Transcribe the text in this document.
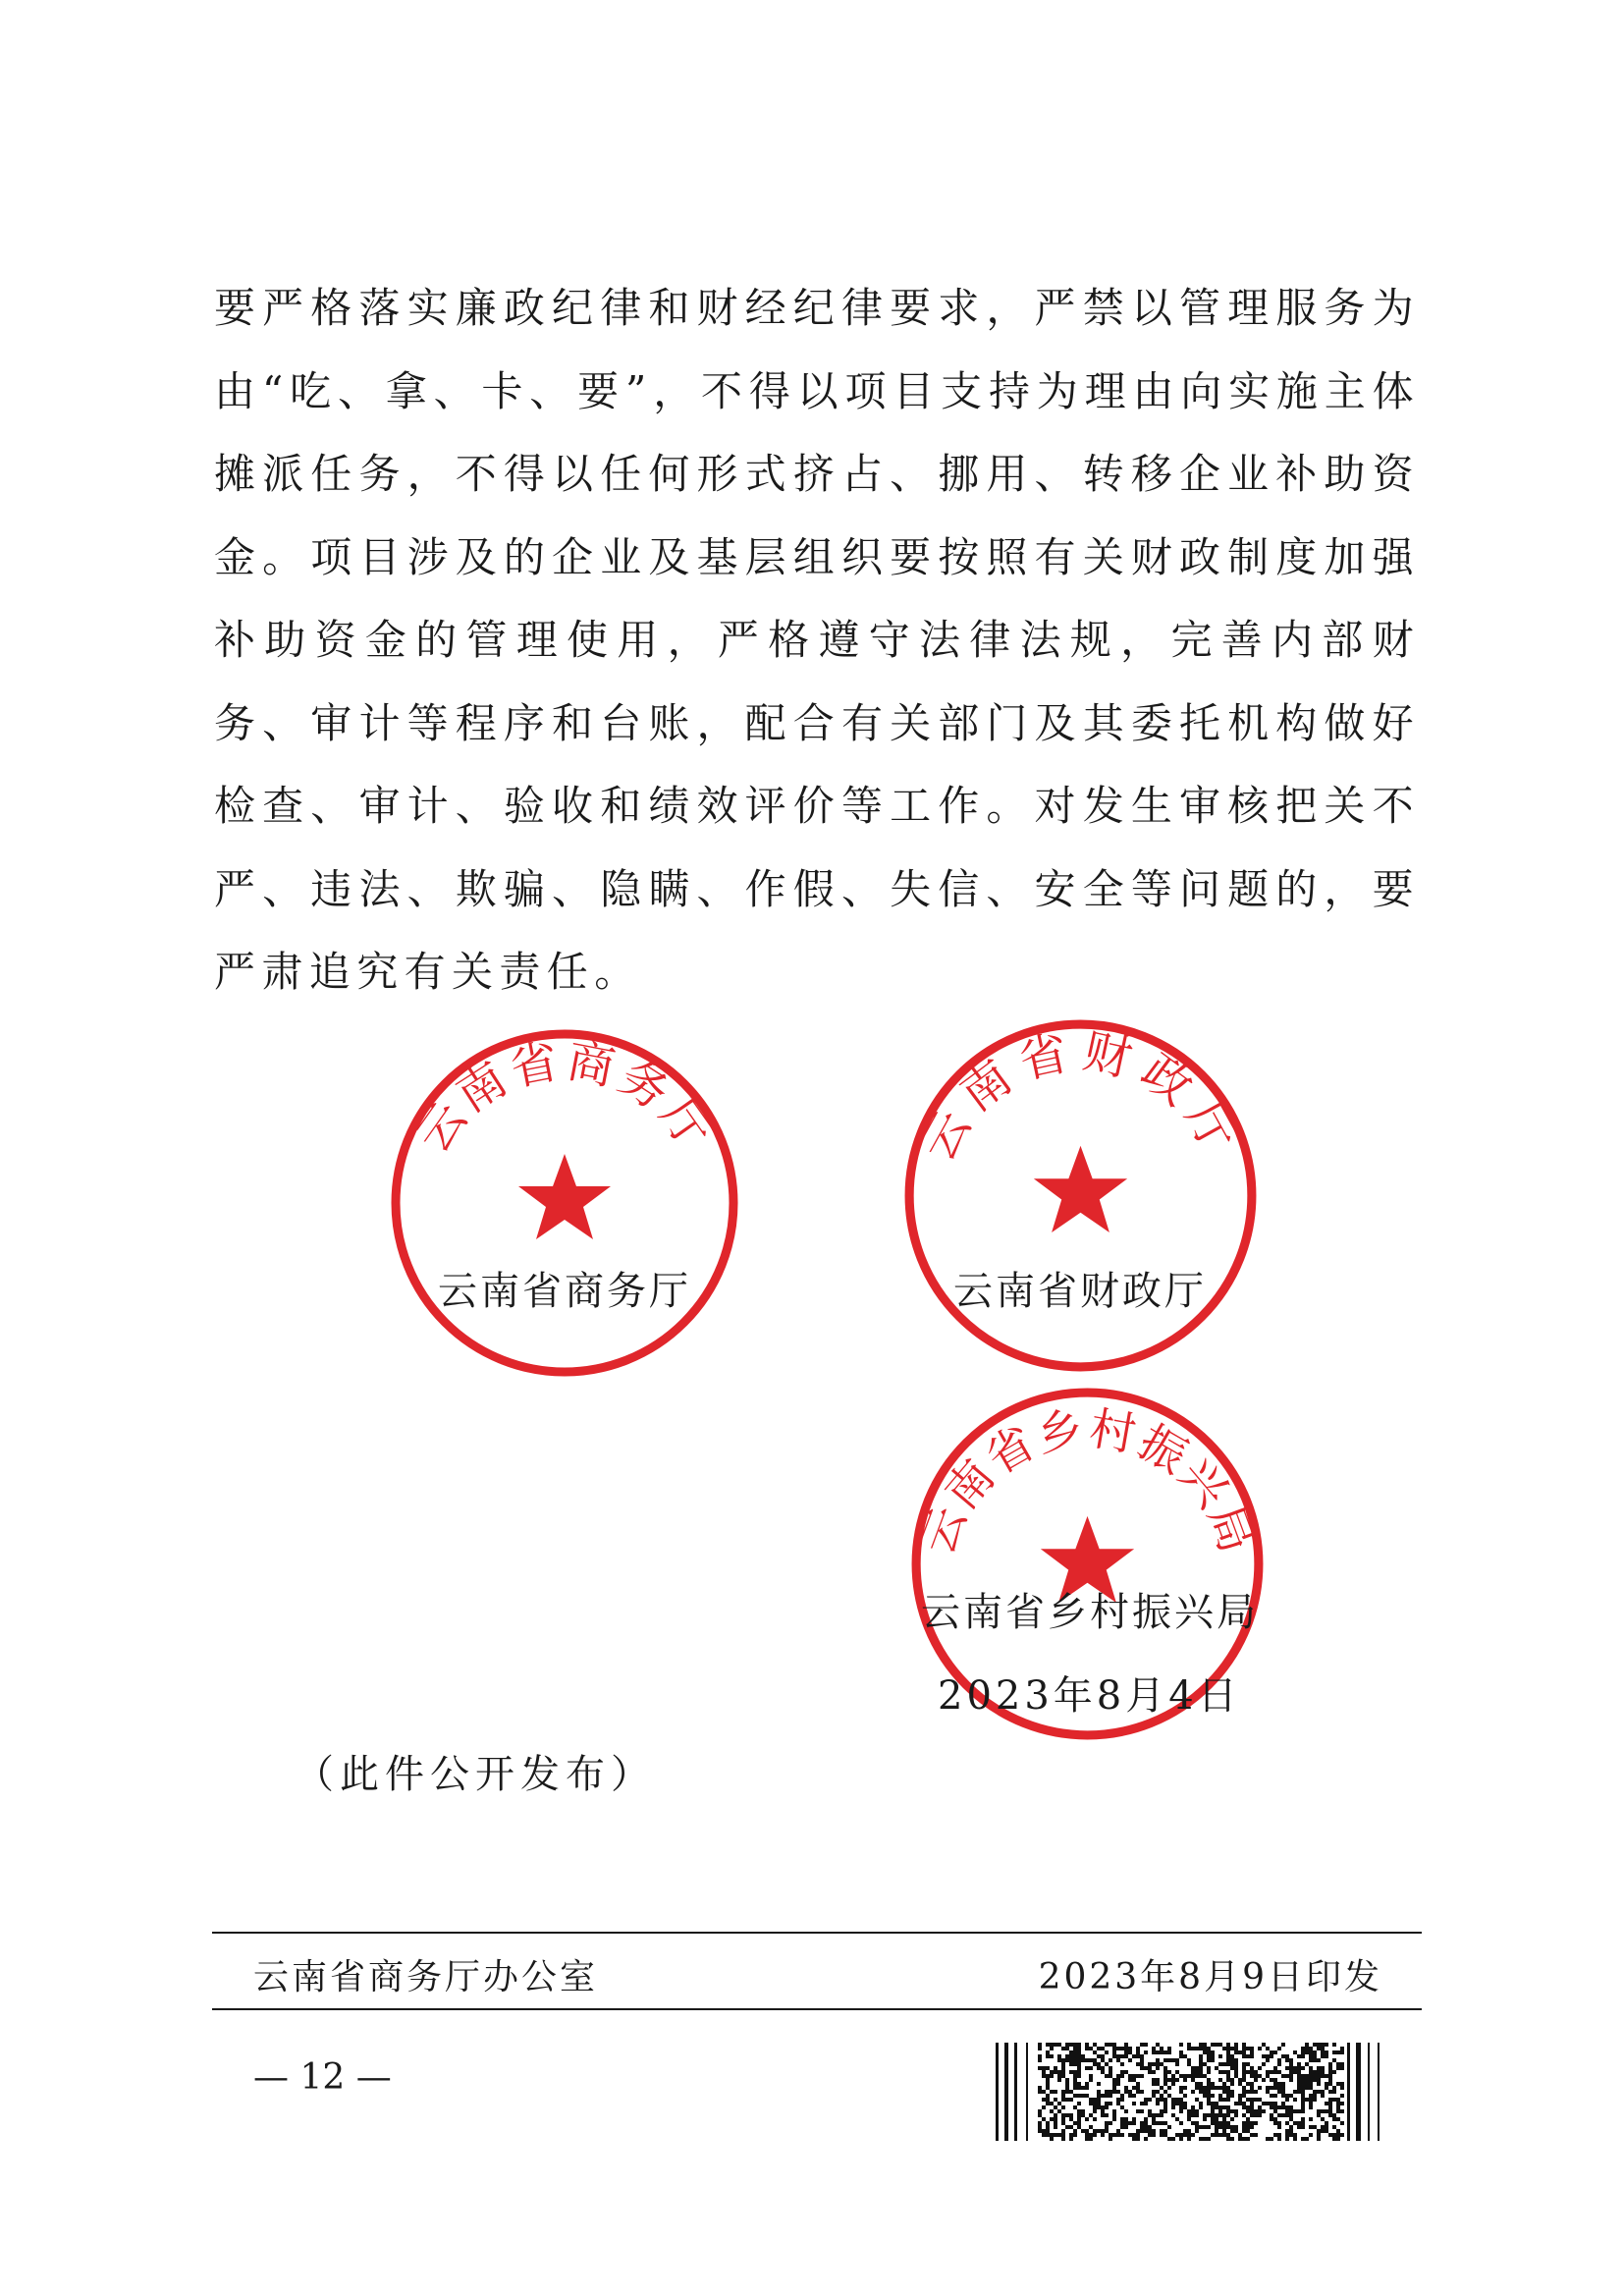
要严格落实廉政纪律和财经纪律要求，严禁以管理服务为由“吃、拿、卡、要”，不得以项目支持为理由向实施主体摊派任务，不得以任何形式挤占、挪用、转移企业补助资金。项目涉及的企业及基层组织要按照有关财政制度加强补助资金的管理使用，严格遵守法律法规，完善内部财务、审计等程序和台账，配合有关部门及其委托机构做好检查、审计、验收和绩效评价等工作。对发生审核把关不严、违法、欺骗、隐瞒、作假、失信、安全等问题的，要严肃追究有关责任。

云南省商务厅
云南省商务厅
云南省财政厅
云南省财政厅
云南省乡村振兴局
云南省乡村振兴局
2023年8月4日
（此件公开发布）
云南省商务厅办公室	2023年8月9日印发
— 12 —
